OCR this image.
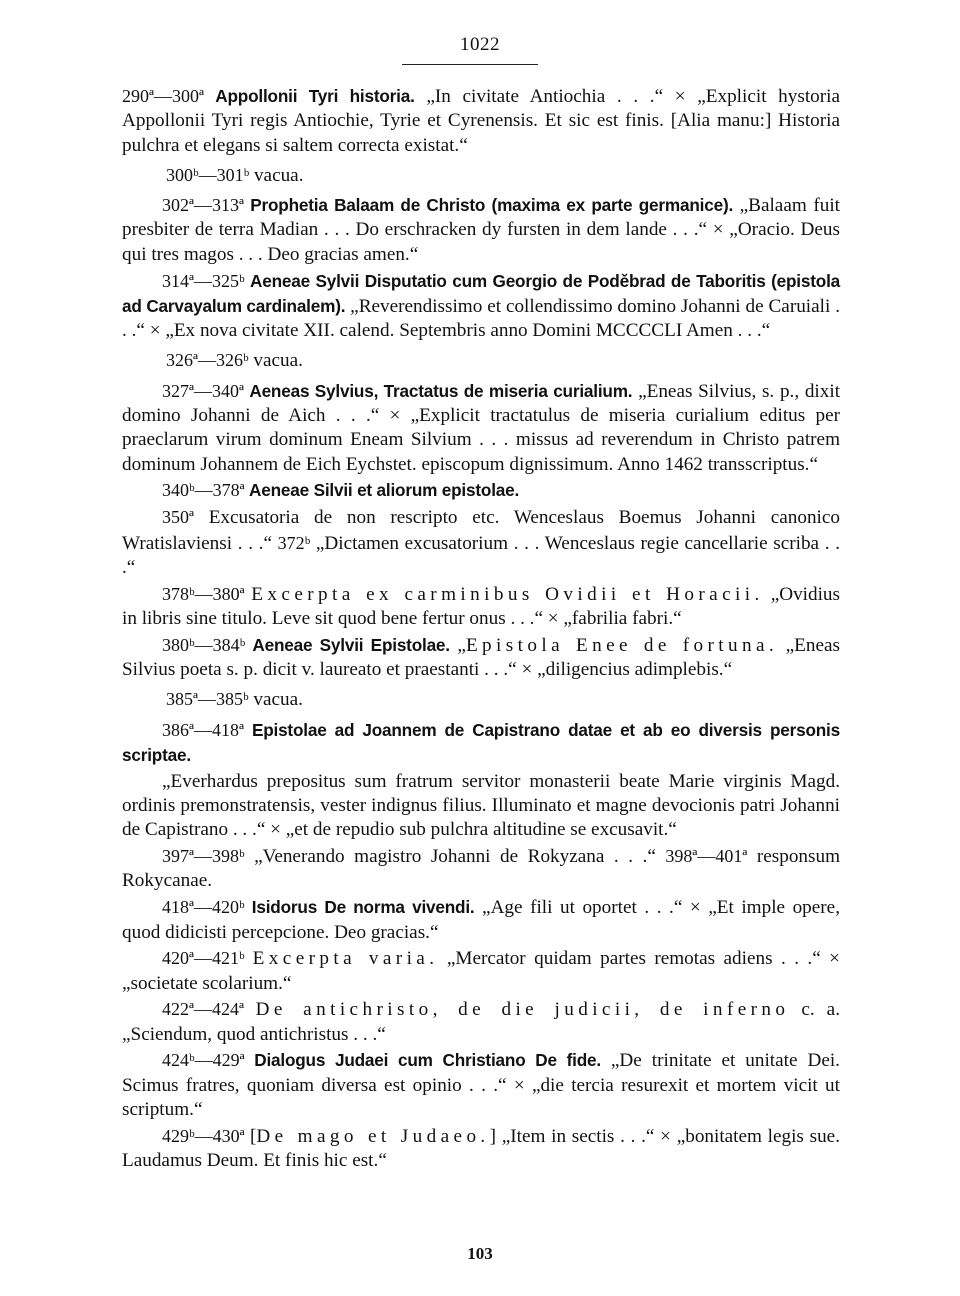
1022

290ª—300ª Appollonii Tyri historia. „In civitate Antiochia . . .“ × „Explicit hystoria Appollonii Tyri regis Antiochie, Tyrie et Cyrenensis. Et sic est finis. [Alia manu:] Historia pulchra et elegans si saltem correcta existat.“

300ᵇ—301ᵇ vacua.

302ª—313ª Prophetia Balaam de Christo (maxima ex parte germanice). „Balaam fuit presbiter de terra Madian . . . Do erschracken dy fursten in dem lande . . .“ × „Oracio. Deus qui tres magos . . . Deo gracias amen.“

314ª—325ᵇ Aeneae Sylvii Disputatio cum Georgio de Poděbrad de Taboritis (epistola ad Carvayalum cardinalem). „Reverendissimo et collendissimo domino Johanni de Caruiali . . .“ × „Ex nova civitate XII. calend. Septembris anno Domini MCCCCLI Amen . . .“

326ª—326ᵇ vacua.

327ª—340ª Aeneas Sylvius, Tractatus de miseria curialium. „Eneas Silvius, s. p., dixit domino Johanni de Aich . . .“ × „Explicit tractatulus de miseria curialium editus per praeclarum virum dominum Eneam Silvium . . . missus ad reverendum in Christo patrem dominum Johannem de Eich Eychstet. episcopum dignissimum. Anno 1462 transscriptus.“

340ᵇ—378ª Aeneae Silvii et aliorum epistolae.

350ª Excusatoria de non rescripto etc. Wenceslaus Boemus Johanni canonico Wratislaviensi . . .“ 372ᵇ „Dictamen excusatorium . . . Wenceslaus regie cancellarie scriba . . .“

378ᵇ—380ª Excerpta ex carminibus Ovidii et Horacii. „Ovidius in libris sine titulo. Leve sit quod bene fertur onus . . .“ × „fabrilia fabri.“

380ᵇ—384ᵇ Aeneae Sylvii Epistolae. „Epistola Enee de fortuna. „Eneas Silvius poeta s. p. dicit v. laureato et praestanti . . .“ × „diligencius adimplebis.“

385ª—385ᵇ vacua.

386ª—418ª Epistolae ad Joannem de Capistrano datae et ab eo diversis personis scriptae.

„Everhardus prepositus sum fratrum servitor monasterii beate Marie virginis Magd. ordinis premonstratensis, vester indignus filius. Illuminato et magne devocionis patri Johanni de Capistrano . . .“ × „et de repudio sub pulchra altitudine se excusavit.“

397ª—398ᵇ „Venerando magistro Johanni de Rokyzana . . .“ 398ª—401ª responsum Rokycanae.

418ª—420ᵇ Isidorus De norma vivendi. „Age fili ut oportet . . .“ × „Et imple opere, quod didicisti percepcione. Deo gracias.“

420ª—421ᵇ Excerpta varia. „Mercator quidam partes remotas adiens . . .“ × „societate scolarium.“

422ª—424ª De antichristo, de die judicii, de inferno c. a. „Sciendum, quod antichristus . . .“

424ᵇ—429ª Dialogus Judaei cum Christiano De fide. „De trinitate et unitate Dei. Scimus fratres, quoniam diversa est opinio . . .“ × „die tercia resurexit et mortem vicit ut scriptum.“

429ᵇ—430ª [De mago et Judaeo.] „Item in sectis . . .“ × „bonitatem legis sue. Laudamus Deum. Et finis hic est.“

103
